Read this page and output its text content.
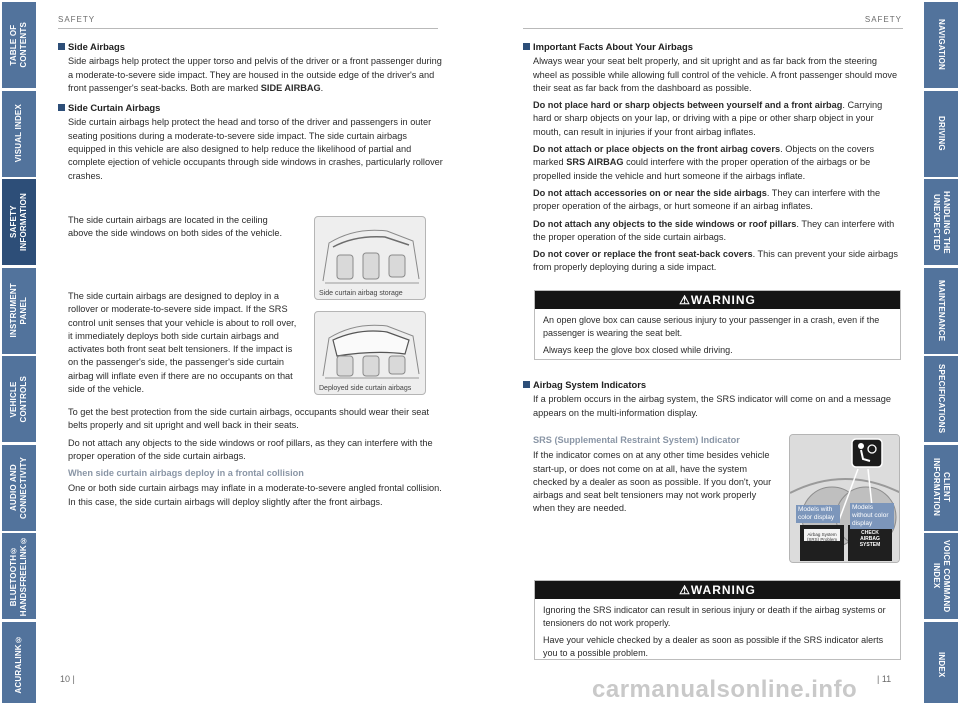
TABLE OF
CONTENTS
VISUAL INDEX
SAFETY
INFORMATION
INSTRUMENT
PANEL
VEHICLE
CONTROLS
AUDIO AND
CONNECTIVITY
BLUETOOTH®
HANDSFREELINK®
ACURALINK®
NAVIGATION
DRIVING
HANDLING THE
UNEXPECTED
MAINTENANCE
SPECIFICATIONS
CLIENT
INFORMATION
VOICE COMMAND
INDEX
INDEX
SAFETY	SAFETY
Side Airbags
Side airbags help protect the upper torso and pelvis of the driver or a front passenger during a moderate-to-severe side impact. They are housed in the outside edge of the driver's and front passenger's seat-backs. Both are marked SIDE AIRBAG.
Side Curtain Airbags
Side curtain airbags help protect the head and torso of the driver and passengers in outer seating positions during a moderate-to-severe side impact. The side curtain airbags equipped in this vehicle are also designed to help reduce the likelihood of partial and complete ejection of vehicle occupants through side windows in crashes, particularly rollover crashes.
The side curtain airbags are located in the ceiling above the side windows on both sides of the vehicle.
The side curtain airbags are designed to deploy in a rollover or moderate-to-severe side impact. If the SRS control unit senses that your vehicle is about to roll over, it immediately deploys both side curtain airbags and activates both front seat belt tensioners. If the impact is on the passenger's side, the passenger's side curtain airbag will inflate even if there are no occupants on that side of the vehicle.
Side curtain airbag storage
Deployed side curtain airbags
To get the best protection from the side curtain airbags, occupants should wear their seat belts properly and sit upright and well back in their seats.
Do not attach any objects to the side windows or roof pillars, as they can interfere with the proper operation of the side curtain airbags.
When side curtain airbags deploy in a frontal collision
One or both side curtain airbags may inflate in a moderate-to-severe angled frontal collision. In this case, the side curtain airbags will deploy slightly after the front airbags.
Important Facts About Your Airbags
Always wear your seat belt properly, and sit upright and as far back from the steering wheel as possible while allowing full control of the vehicle. A front passenger should move their seat as far back from the dashboard as possible.
Do not place hard or sharp objects between yourself and a front airbag. Carrying hard or sharp objects on your lap, or driving with a pipe or other sharp object in your mouth, can result in injuries if your front airbag inflates.
Do not attach or place objects on the front airbag covers. Objects on the covers marked SRS AIRBAG could interfere with the proper operation of the airbags or be propelled inside the vehicle and hurt someone if the airbags inflate.
Do not attach accessories on or near the side airbags. They can interfere with the proper operation of the airbags, or hurt someone if an airbag inflates.
Do not attach any objects to the side windows or roof pillars. They can interfere with the proper operation of the side curtain airbags.
Do not cover or replace the front seat-back covers. This can prevent your side airbags from properly deploying during a side impact.
⚠ WARNING

An open glove box can cause serious injury to your passenger in a crash, even if the passenger is wearing the seat belt.

Always keep the glove box closed while driving.

Airbag System Indicators
If a problem occurs in the airbag system, the SRS indicator will come on and a message appears on the multi-information display.
SRS (Supplemental Restraint System) Indicator
If the indicator comes on at any other time besides vehicle start-up, or does not come on at all, have the system checked by a dealer as soon as possible. If you don't, your airbags and seat belt tensioners may not work properly when they are needed.	Models with color display
Models without color display
Airbag System (SRS) Problem
CHECK AIRBAG SYSTEM
⚠ WARNING

Ignoring the SRS indicator can result in serious injury or death if the airbag systems or tensioners do not work properly.

Have your vehicle checked by a dealer as soon as possible if the SRS indicator alerts you to a possible problem.

10 |	| 11
carmanualsonline.info
